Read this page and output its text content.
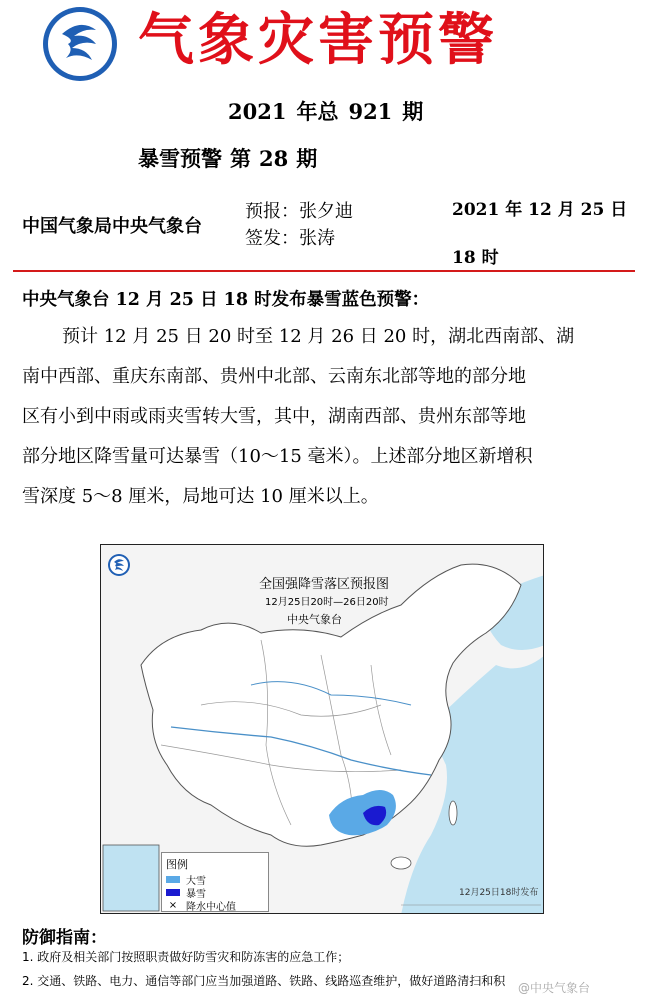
气象灾害预警
2021 年总 921 期
暴雪预警 第 28 期
中国气象局中央气象台
预报：张夕迪
签发：张涛
2021 年 12 月 25 日 18 时
中央气象台 12 月 25 日 18 时发布暴雪蓝色预警：
预计 12 月 25 日 20 时至 12 月 26 日 20 时，湖北西南部、湖
南中西部、重庆东南部、贵州中北部、云南东北部等地的部分地
区有小到中雨或雨夹雪转大雪，其中，湖南西部、贵州东部等地
部分地区降雪量可达暴雪（10～15 毫米）。上述部分地区新增积
雪深度 5～8 厘米，局地可达 10 厘米以上。
全国强降雪落区预报图
12月25日20时—26日20时
中央气象台
图例
大雪
暴雪
× 降水中心值
12月25日18时发布
防御指南：
1. 政府及相关部门按照职责做好防雪灾和防冻害的应急工作；
2. 交通、铁路、电力、通信等部门应当加强道路、铁路、线路巡查维护，做好道路清扫和积 @中央气象台
